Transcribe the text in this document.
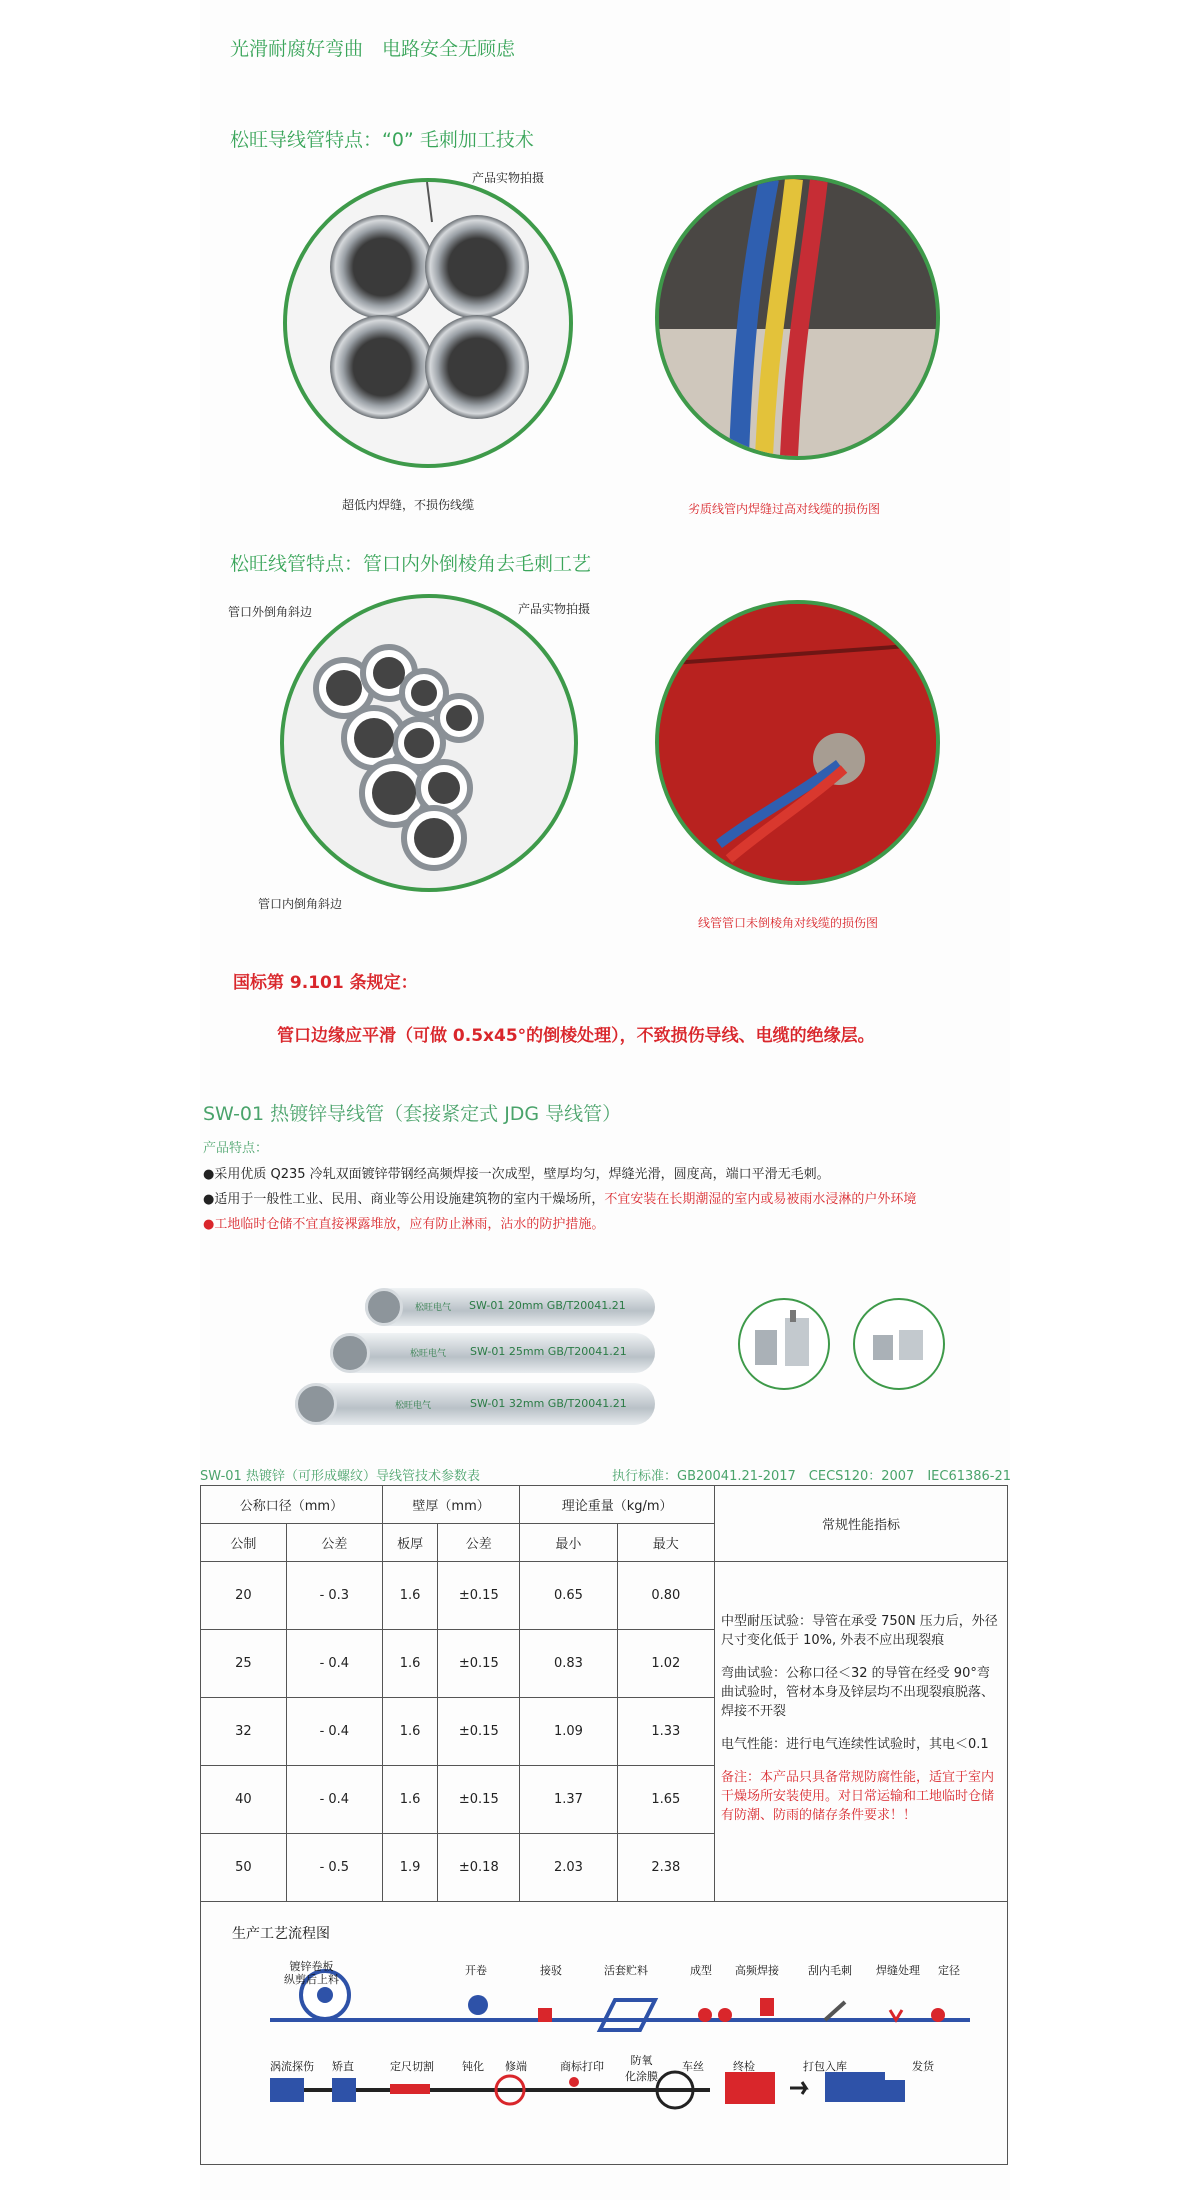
光滑耐腐好弯曲　电路安全无顾虑
松旺导线管特点：“0” 毛刺加工技术
产品实物拍摄
超低内焊缝，不损伤线缆	劣质线管内焊缝过高对线缆的损伤图
松旺线管特点：管口内外倒棱角去毛刺工艺
管口外倒角斜边	产品实物拍摄
管口内倒角斜边
线管管口未倒棱角对线缆的损伤图
国标第 9.101 条规定：
管口边缘应平滑（可做 0.5x45°的倒棱处理），不致损伤导线、电缆的绝缘层。
SW-01 热镀锌导线管（套接紧定式 JDG 导线管）
产品特点：
●采用优质 Q235 冷轧双面镀锌带钢经高频焊接一次成型，壁厚均匀，焊缝光滑，圆度高，端口平滑无毛刺。
●适用于一般性工业、民用、商业等公用设施建筑物的室内干燥场所，不宜安装在长期潮湿的室内或易被雨水浸淋的户外环境
●工地临时仓储不宜直接裸露堆放，应有防止淋雨，沾水的防护措施。
松旺电气 SW-01 20mm GB/T20041.21
松旺电气 SW-01 25mm GB/T20041.21
松旺电气	SW-01 32mm GB/T20041.21
SW-01 热镀锌（可形成螺纹）导线管技术参数表	执行标准：GB20041.21-2017　CECS120：2007　IEC61386-21
公称口径（mm）		壁厚（mm）		理论重量（kg/m）		常规性能指标
公制	公差	板厚	公差	最小	最大	
20	- 0.3	1.6	±0.15	0.65	0.80	中型耐压试验：导管在承受 750N 压力后，外径尺寸变化低于 10%, 外表不应出现裂痕
弯曲试验：公称口径＜32 的导管在经受 90°弯曲试验时，管材本身及锌层均不出现裂痕脱落、焊接不开裂
电气性能：进行电气连续性试验时，其电＜0.1
备注：本产品只具备常规防腐性能，适宜于室内干燥场所安装使用。对日常运输和工地临时仓储有防潮、防雨的储存条件要求！！

25	- 0.4	1.6	±0.15	0.83	1.02	
32	- 0.4	1.6	±0.15	1.09	1.33	
40	- 0.4	1.6	±0.15	1.37	1.65	
50	- 0.5	1.9	±0.18	2.03	2.38	
生产工艺流程图
镀锌卷板
纵剪后上料
开卷	接驳	活套贮料	成型 高频焊接	刮内毛刺 焊缝处理 定径
涡流探伤 矫直	定尺切割	钝化 修端	商标打印	防氧
化涂膜
车丝	终检	打包入库	发货
